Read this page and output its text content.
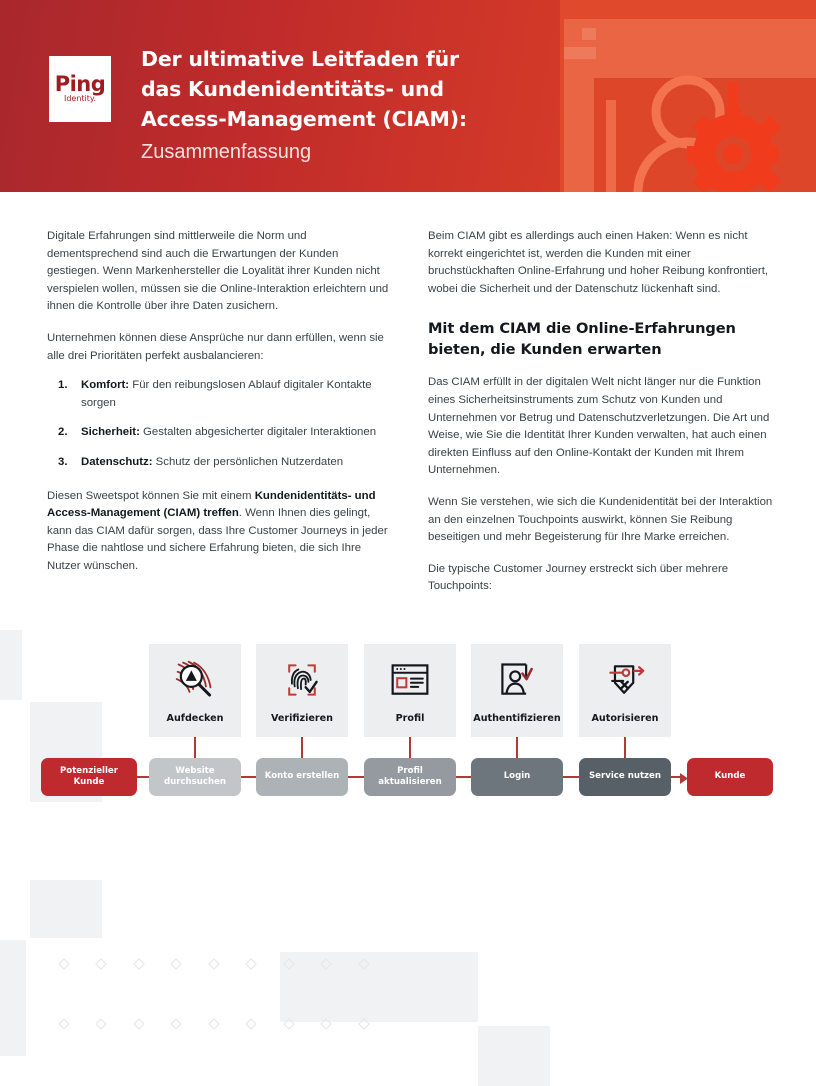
Ping
Identity.
Der ultimative Leitfaden für
das Kundenidentitäts- und
Access-Management (CIAM):
Zusammenfassung

Digitale Erfahrungen sind mittlerweile die Norm und dementsprechend sind auch die Erwartungen der Kunden gestiegen. Wenn Markenhersteller die Loyalität ihrer Kunden nicht verspielen wollen, müssen sie die Online-Interaktion erleichtern und ihnen die Kontrolle über ihre Daten zusichern.

Unternehmen können diese Ansprüche nur dann erfüllen, wenn sie alle drei Prioritäten perfekt ausbalancieren:

1. Komfort: Für den reibungslosen Ablauf digitaler Kontakte sorgen
2. Sicherheit: Gestalten abgesicherter digitaler Interaktionen
3. Datenschutz: Schutz der persönlichen Nutzerdaten

Diesen Sweetspot können Sie mit einem Kundenidentitäts- und Access-Management (CIAM) treffen. Wenn Ihnen dies gelingt, kann das CIAM dafür sorgen, dass Ihre Customer Journeys in jeder Phase die nahtlose und sichere Erfahrung bieten, die sich Ihre Nutzer wünschen.

Beim CIAM gibt es allerdings auch einen Haken: Wenn es nicht korrekt eingerichtet ist, werden die Kunden mit einer bruchstückhaften Online-Erfahrung und hoher Reibung konfrontiert, wobei die Sicherheit und der Datenschutz lückenhaft sind.

Mit dem CIAM die Online-Erfahrungen bieten, die Kunden erwarten

Das CIAM erfüllt in der digitalen Welt nicht länger nur die Funktion eines Sicherheitsinstruments zum Schutz von Kunden und Unternehmen vor Betrug und Datenschutzverletzungen. Die Art und Weise, wie Sie die Identität Ihrer Kunden verwalten, hat auch einen direkten Einfluss auf den Online-Kontakt der Kunden mit Ihrem Unternehmen.

Wenn Sie verstehen, wie sich die Kundenidentität bei der Interaktion an den einzelnen Touchpoints auswirkt, können Sie Reibung beseitigen und mehr Begeisterung für Ihre Marke erreichen.

Die typische Customer Journey erstreckt sich über mehrere Touchpoints:

Aufdecken	Verifizieren	Profil	Authentifizieren	Autorisieren
Potenzieller Kunde
Website durchsuchen
Konto erstellen
Profil aktualisieren
Login	Service nutzen	Kunde
